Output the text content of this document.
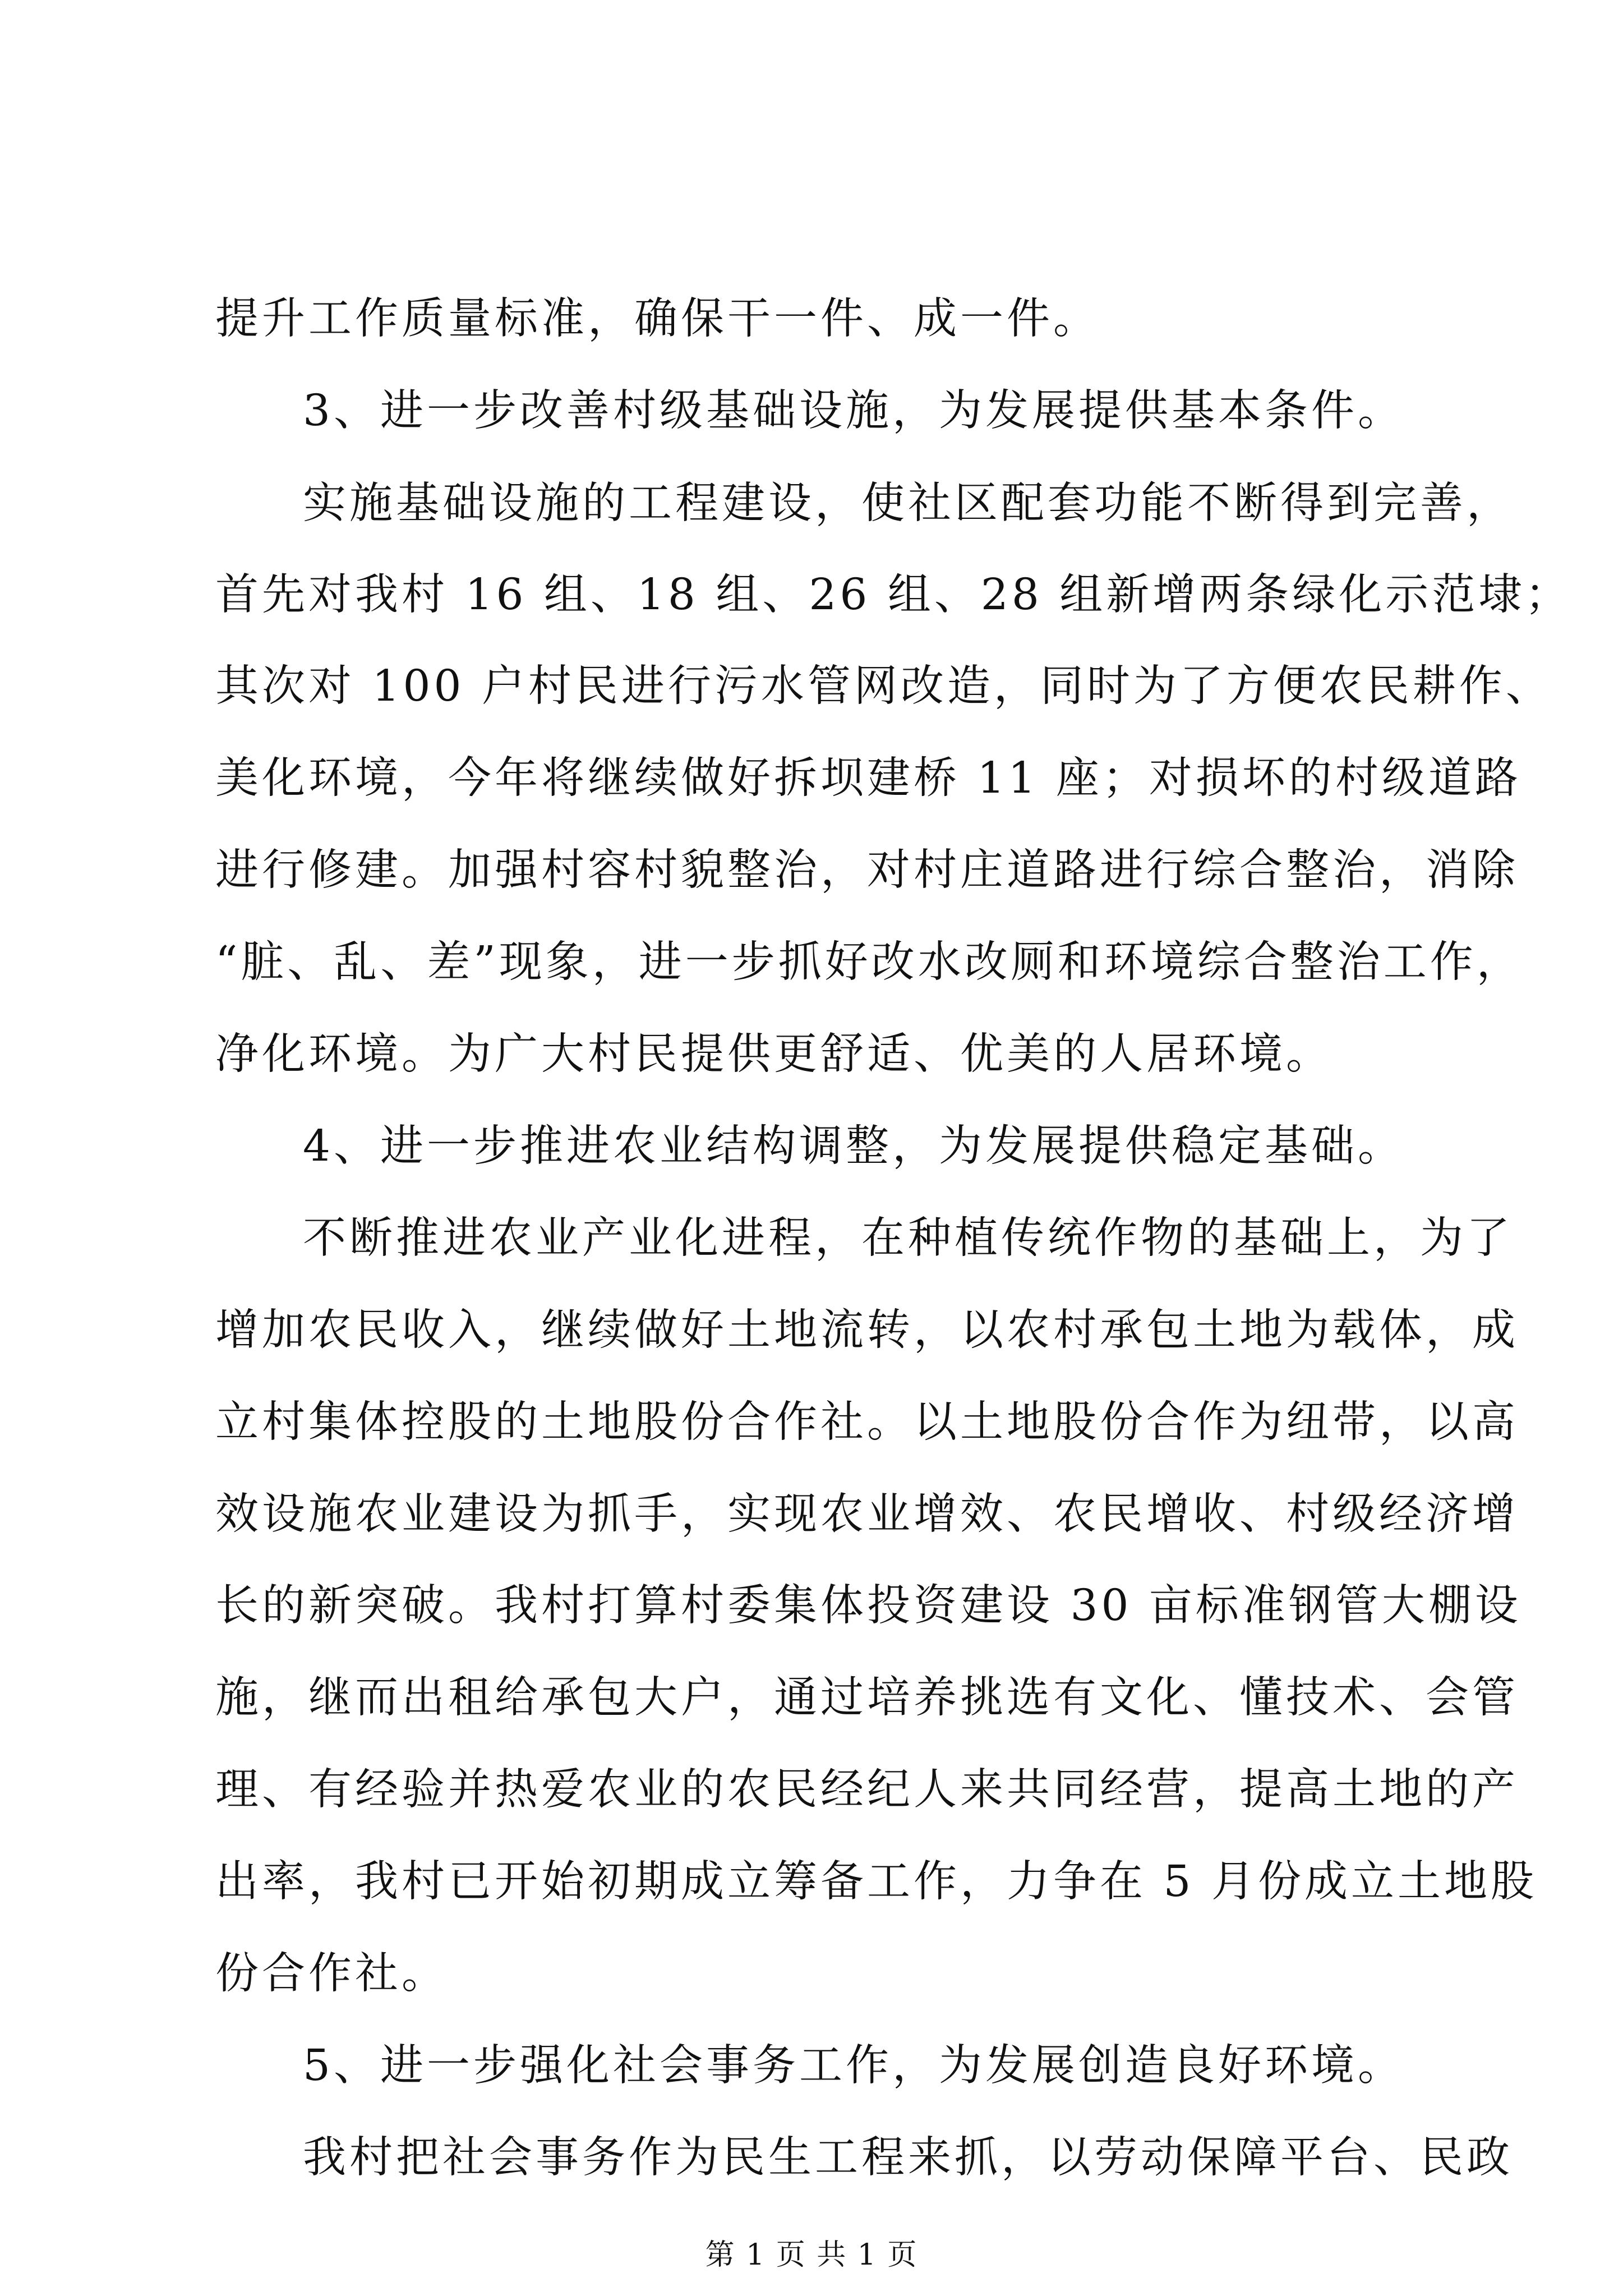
提升工作质量标准，确保干一件、成一件。
3、进一步改善村级基础设施，为发展提供基本条件。
实施基础设施的工程建设，使社区配套功能不断得到完善，
首先对我村 16 组、18 组、26 组、28 组新增两条绿化示范埭；
其次对 100 户村民进行污水管网改造，同时为了方便农民耕作、
美化环境，今年将继续做好拆坝建桥 11 座；对损坏的村级道路
进行修建。加强村容村貌整治，对村庄道路进行综合整治，消除
“脏、乱、差”现象，进一步抓好改水改厕和环境综合整治工作，
净化环境。为广大村民提供更舒适、优美的人居环境。
4、进一步推进农业结构调整，为发展提供稳定基础。
不断推进农业产业化进程，在种植传统作物的基础上，为了
增加农民收入，继续做好土地流转，以农村承包土地为载体，成
立村集体控股的土地股份合作社。以土地股份合作为纽带，以高
效设施农业建设为抓手，实现农业增效、农民增收、村级经济增
长的新突破。我村打算村委集体投资建设 30 亩标准钢管大棚设
施，继而出租给承包大户，通过培养挑选有文化、懂技术、会管
理、有经验并热爱农业的农民经纪人来共同经营，提高土地的产
出率，我村已开始初期成立筹备工作，力争在 5 月份成立土地股
份合作社。
5、进一步强化社会事务工作，为发展创造良好环境。
我村把社会事务作为民生工程来抓，以劳动保障平台、民政
第 1 页 共 1 页
